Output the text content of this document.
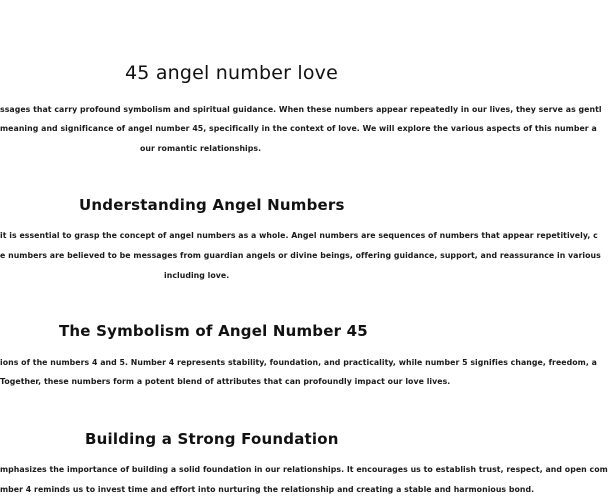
45 angel number love

ssages that carry profound symbolism and spiritual guidance. When these numbers appear repeatedly in our lives, they serve as gentl

meaning and significance of angel number 45, specifically in the context of love. We will explore the various aspects of this number a

our romantic relationships.

Understanding Angel Numbers

it is essential to grasp the concept of angel numbers as a whole. Angel numbers are sequences of numbers that appear repetitively, c

e numbers are believed to be messages from guardian angels or divine beings, offering guidance, support, and reassurance in various

including love.

The Symbolism of Angel Number 45

ions of the numbers 4 and 5. Number 4 represents stability, foundation, and practicality, while number 5 signifies change, freedom, a

Together, these numbers form a potent blend of attributes that can profoundly impact our love lives.

Building a Strong Foundation

mphasizes the importance of building a solid foundation in our relationships. It encourages us to establish trust, respect, and open com

mber 4 reminds us to invest time and effort into nurturing the relationship and creating a stable and harmonious bond.
